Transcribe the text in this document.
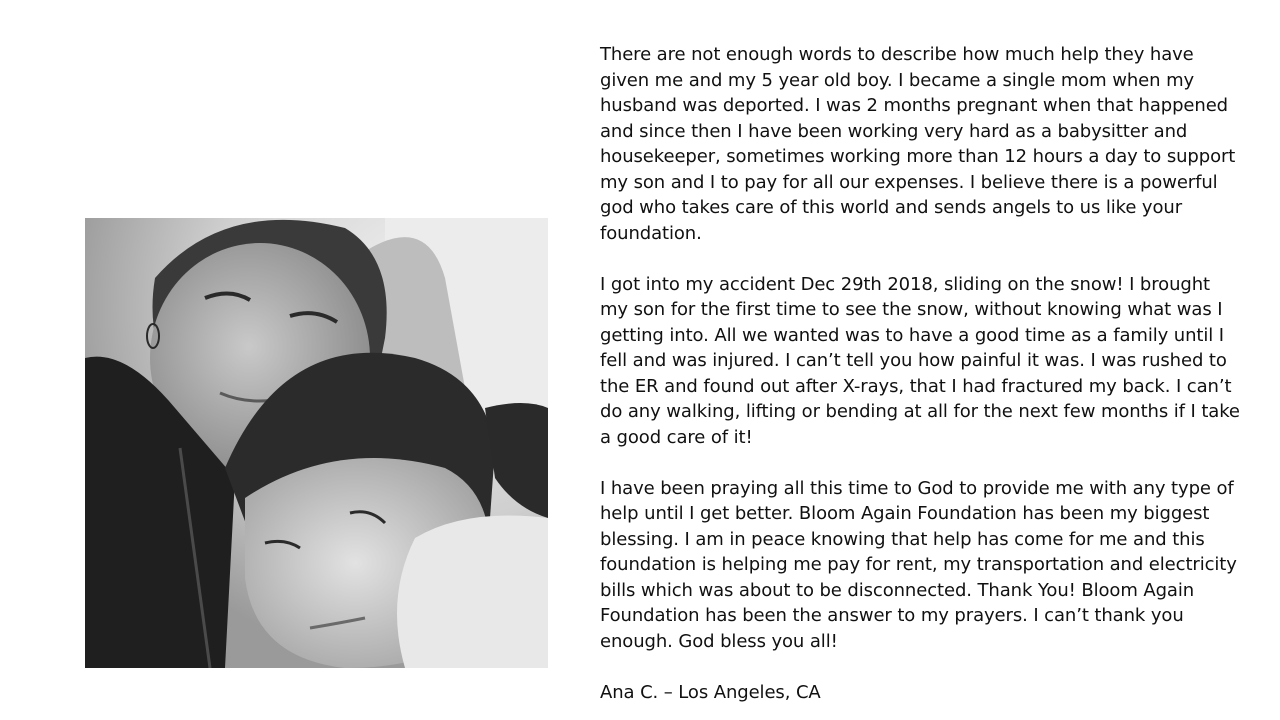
There are not enough words to describe how much help they have given me and my 5 year old boy. I became a single mom when my husband was deported. I was 2 months pregnant when that happened and since then I have been working very hard as a babysitter and housekeeper, sometimes working more than 12 hours a day to support my son and I to pay for all our expenses. I believe there is a powerful god who takes care of this world and sends angels to us like your foundation.

I got into my accident Dec 29th 2018, sliding on the snow! I brought my son for the first time to see the snow, without knowing what was I getting into. All we wanted was to have a good time as a family until I fell and was injured. I can’t tell you how painful it was. I was rushed to the ER and found out after X-rays, that I had fractured my back. I can’t do any walking, lifting or bending at all for the next few months if I take a good care of it!

I have been praying all this time to God to provide me with any type of help until I get better. Bloom Again Foundation has been my biggest blessing. I am in peace knowing that help has come for me and this foundation is helping me pay for rent, my transportation and electricity bills which was about to be disconnected. Thank You! Bloom Again Foundation has been the answer to my prayers. I can’t thank you enough. God bless you all!

Ana C. – Los Angeles, CA
